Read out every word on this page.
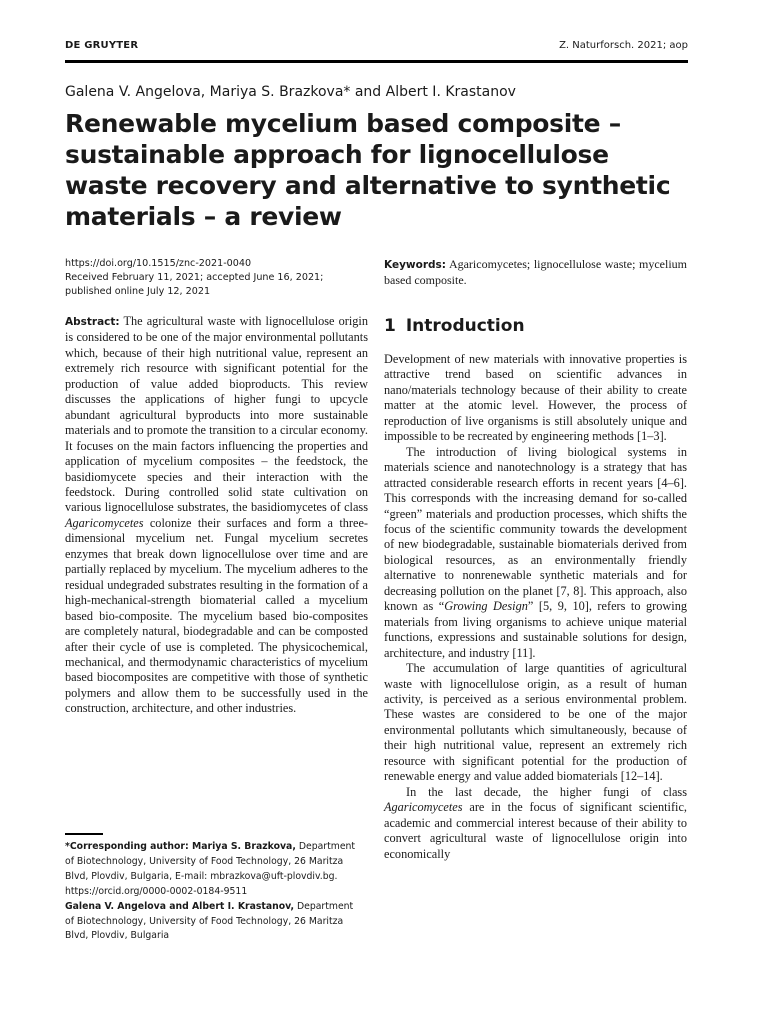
DE GRUYTER	Z. Naturforsch. 2021; aop
Galena V. Angelova, Mariya S. Brazkova* and Albert I. Krastanov
Renewable mycelium based composite – sustainable approach for lignocellulose waste recovery and alternative to synthetic materials – a review
https://doi.org/10.1515/znc-2021-0040
Received February 11, 2021; accepted June 16, 2021;
published online July 12, 2021
Keywords: Agaricomycetes; lignocellulose waste; mycelium based composite.

Abstract: The agricultural waste with lignocellulose origin is considered to be one of the major environmental pollutants which, because of their high nutritional value, represent an extremely rich resource with significant potential for the production of value added bioproducts. This review discusses the applications of higher fungi to upcycle abundant agricultural byproducts into more sustainable materials and to promote the transition to a circular economy. It focuses on the main factors influencing the properties and application of mycelium composites – the feedstock, the basidiomycete species and their interaction with the feedstock. During controlled solid state cultivation on various lignocellulose substrates, the basidiomycetes of class Agaricomycetes colonize their surfaces and form a three-dimensional mycelium net. Fungal mycelium secretes enzymes that break down lignocellulose over time and are partially replaced by mycelium. The mycelium adheres to the residual undegraded substrates resulting in the formation of a high-mechanical-strength biomaterial called a mycelium based bio-composite. The mycelium based bio-composites are completely natural, biodegradable and can be composted after their cycle of use is completed. The physicochemical, mechanical, and thermodynamic characteristics of mycelium based biocomposites are competitive with those of synthetic polymers and allow them to be successfully used in the construction, architecture, and other industries.

1 Introduction

Development of new materials with innovative properties is attractive trend based on scientific advances in nano/materials technology because of their ability to create matter at the atomic level. However, the process of reproduction of live organisms is still absolutely unique and impossible to be recreated by engineering methods [1–3].

The introduction of living biological systems in materials science and nanotechnology is a strategy that has attracted considerable research efforts in recent years [4–6]. This corresponds with the increasing demand for so-called “green” materials and production processes, which shifts the focus of the scientific community towards the development of new biodegradable, sustainable biomaterials derived from biological resources, as an environmentally friendly alternative to nonrenewable synthetic materials and for decreasing pollution on the planet [7, 8]. This approach, also known as “Growing Design” [5, 9, 10], refers to growing materials from living organisms to achieve unique material functions, expressions and sustainable solutions for design, architecture, and industry [11].

The accumulation of large quantities of agricultural waste with lignocellulose origin, as a result of human activity, is perceived as a serious environmental problem. These wastes are considered to be one of the major environmental pollutants which simultaneously, because of their high nutritional value, represent an extremely rich resource with significant potential for the production of renewable energy and value added biomaterials [12–14].

In the last decade, the higher fungi of class Agaricomycetes are in the focus of significant scientific, academic and commercial interest because of their ability to convert agricultural waste of lignocellulose origin into economically

*Corresponding author: Mariya S. Brazkova, Department of Biotechnology, University of Food Technology, 26 Maritza Blvd, Plovdiv, Bulgaria, E-mail: mbrazkova@uft-plovdiv.bg. https://orcid.org/0000-0002-0184-9511

Galena V. Angelova and Albert I. Krastanov, Department of Biotechnology, University of Food Technology, 26 Maritza Blvd, Plovdiv, Bulgaria
